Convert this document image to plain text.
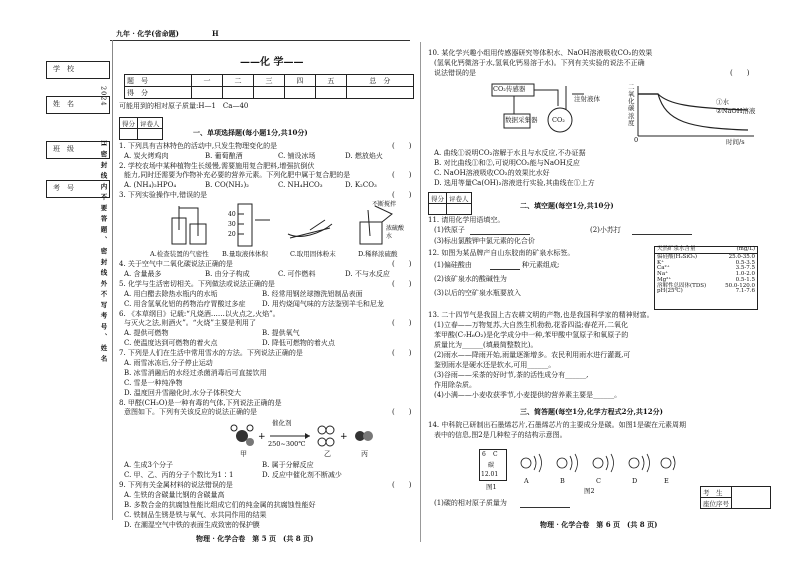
九年 · 化学(省命题)	H
学　校
姓　名
班　级
考　号
2024
H 密 封 线 内 不 要 答 题 、 密 封 线 外 不 写 考 号 、 姓 名
——化 学——
题　号	一	二	三	四	五	总　分
得　分						
可能用到的相对原子质量:H—1　Ca—40
得分	评卷人

一、单项选择题(每小题1分,共10分)
1. 下列具有吉林特色的活动中,只发生物理变化的是	(　　)
A. 炭火烤鸡肉	B. 葡萄酿酒	C. 铺设冰场	D. 燃放焰火
2. 学校农场中某种植物生长缓慢,需要施用复合肥料,增强抗倒伏
能力,同时还需要为作物补充必要的营养元素。下列化肥中属于复合肥的是	(　　)
A. (NH₄)₂HPO₄	B. CO(NH₂)₂	C. NH₄HCO₃	D. K₂CO₃
3. 下列实验操作中,错误的是	(　　)
40
30
20
不断搅拌
浓硫酸
水
A.检查装置的气密性 B.量取液体体积	C.取用固体粉末	D.稀释浓硫酸
4. 关于空气中二氧化碳说法正确的是	(　　)
A. 含量最多	B. 由分子构成	C. 可作燃料	D. 不与水反应
5. 化学与生活密切相关。下列做法或说法正确的是	(　　)
A. 用白醋去除热水瓶内的水垢	B. 经常用钢丝球擦洗铝制品表面
C. 用含氢氧化铝的药物治疗胃酸过多症 D. 用灼烧闻气味的方法鉴别羊毛和尼龙
6. 《本草纲目》记载:“凡烧酒……以火点之,火焰”。
与灭火之法,则酒火”。“火烧”主要是利用了	(　　)
A. 提供可燃物	B. 提供氧气
C. 使温度达到可燃物的着火点	D. 降低可燃物的着火点
7. 下列是人们在生活中常用雪水的方法。下列说法正确的是	(　　)
A. 雨雪冰冻后,分子停止运动
B. 冰雪消融后的水经过杀菌消毒后可直接饮用
C. 雪是一种纯净物
D. 温度回升雪融化时,水分子体积变大
8. 甲醛(CH₂O)是一种有毒的气体,下列说法正确的是
意图如下。下列有关该反应的说法正确的是	(　　)
+	+
催化剂
250~300℃
甲	乙	丙
A. 生成3个分子	B. 属于分解反应
C. 甲、乙、丙的分子个数比为1∶1	D. 反应中催化剂不断减少
9. 下列有关金属材料的说法错误的是	(　　)
A. 生铁的含碳量比钢的含碳量高
B. 多数合金的抗腐蚀性能比组成它们的纯金属的抗腐蚀性能好
C. 铁制品生锈是铁与氧气、水共同作用的结果
D. 在潮湿空气中铁的表面生成致密的保护膜
物理 · 化学合卷　第 5 页　(共 8 页)
10. 某化学兴趣小组用传感器研究等体积水、NaOH溶液吸收CO₂的效果
(氢氧化钙微溶于水,氢氧化钙易溶于水)。下列有关实验的说法不正确
说法错误的是	(　　)
CO₂传感器
数据采集器
注射液体
CO₂
二氧化碳浓度
①水
②NaOH溶液
0	时间/s
A. 曲线①说明CO₂溶解于水且与水反应,不办证据
B. 对比曲线①和②,可说明CO₂能与NaOH反应
C. NaOH溶液吸收CO₂的效果比水好
D. 选用等量Ca(OH)₂溶液进行实验,其曲线在①上方
得分	评卷人

二、填空题(每空1分,共10分)
11. 请用化学用语填空。
(1)铁原子	(2)小苏打
(3)标出氯酸钾中氯元素的化合价
12. 如图为某品牌产自山东胶南的矿泉水标签。
(1)偏硅酸由	种元素组成;
(2)该矿泉水的酸碱性为
(3)以后的空矿泉水瓶要放入
天然矿泉水含量	(mg/L)
偏硅酸(H₂SiO₃)	25.0-35.0
K⁺	0.5-3.5
Ca²⁺	3.5-7.5
Na⁺	1.0-2.0
Mg²⁺	0.5-1.5
溶解性总固体(TDS)	50.0-120.0
pH(25℃)	7.1-7.6
13. 二十四节气是我国上古农耕文明的产物,也是我国科学家的精神财富。
(1)立春——万物复苏,大自然生机勃勃,花香四溢;春花开,二氧化
苯甲酸(C₇H₆O₂)是化学成分中一种,苯甲酸中氢原子和氧原子的
质量比为______(填最简整数比)。
(2)雨水——降雨开始,雨量逐渐增多。农民利用雨水进行灌溉,可
鉴别雨水是硬水还是软水,可用______。
(3)谷雨——采茶的好时节,茶的活性成分有______,
作用除杂质。
(4)小满——小麦收获季节,小麦提供的营养素主要是______。
三、简答题(每空1分,化学方程式2分,共12分)
14. 中科院已研制出石墨烯芯片,石墨烯芯片的主要成分是碳。如图1是碳在元素周期
表中的信息,图2是几种粒子的结构示意图。
6 C
碳
12.01
图1
A	B	C	D	E
图2
(1)碳的相对原子质量为
考　生	
座位序号
物理 · 化学合卷　第 6 页　(共 8 页)
